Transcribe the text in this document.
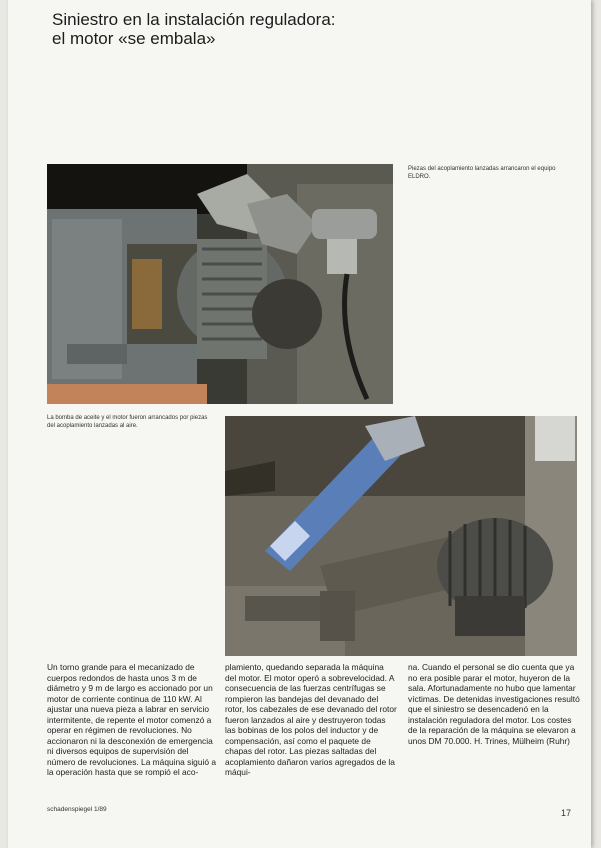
Siniestro en la instalación reguladora:
el motor «se embala»

Piezas del acoplamiento lanzadas arrancaron el equipo ELDRO.

La bomba de aceite y el motor fueron arrancados por piezas del acoplamiento lanzadas al aire.

Un torno grande para el mecanizado de cuerpos redondos de hasta unos 3 m de diámetro y 9 m de largo es accionado por un motor de corriente continua de 110 kW. Al ajustar una nueva pieza a labrar en servicio intermitente, de repente el motor comenzó a operar en régimen de revoluciones. No accionaron ni la desconexión de emergencia ni diversos equipos de supervisión del número de revoluciones. La máquina siguió a la operación hasta que se rompió el aco-

plamiento, quedando separada la máquina del motor. El motor operó a sobrevelocidad. A consecuencia de las fuerzas centrífugas se rompieron las bandejas del devanado del rotor, los cabezales de ese devanado del rotor fueron lanzados al aire y destruyeron todas las bobinas de los polos del inductor y de compensación, así como el paquete de chapas del rotor. Las piezas saltadas del acoplamiento dañaron varios agregados de la máqui-

na. Cuando el personal se dio cuenta que ya no era posible parar el motor, huyeron de la sala. Afortunadamente no hubo que lamentar víctimas. De detenidas investigaciones resultó que el siniestro se desencadenó en la instalación reguladora del motor. Los costes de la reparación de la máquina se elevaron a unos DM 70.000. H. Trines, Mülheim (Ruhr)

schadenspiegel 1/89	17
